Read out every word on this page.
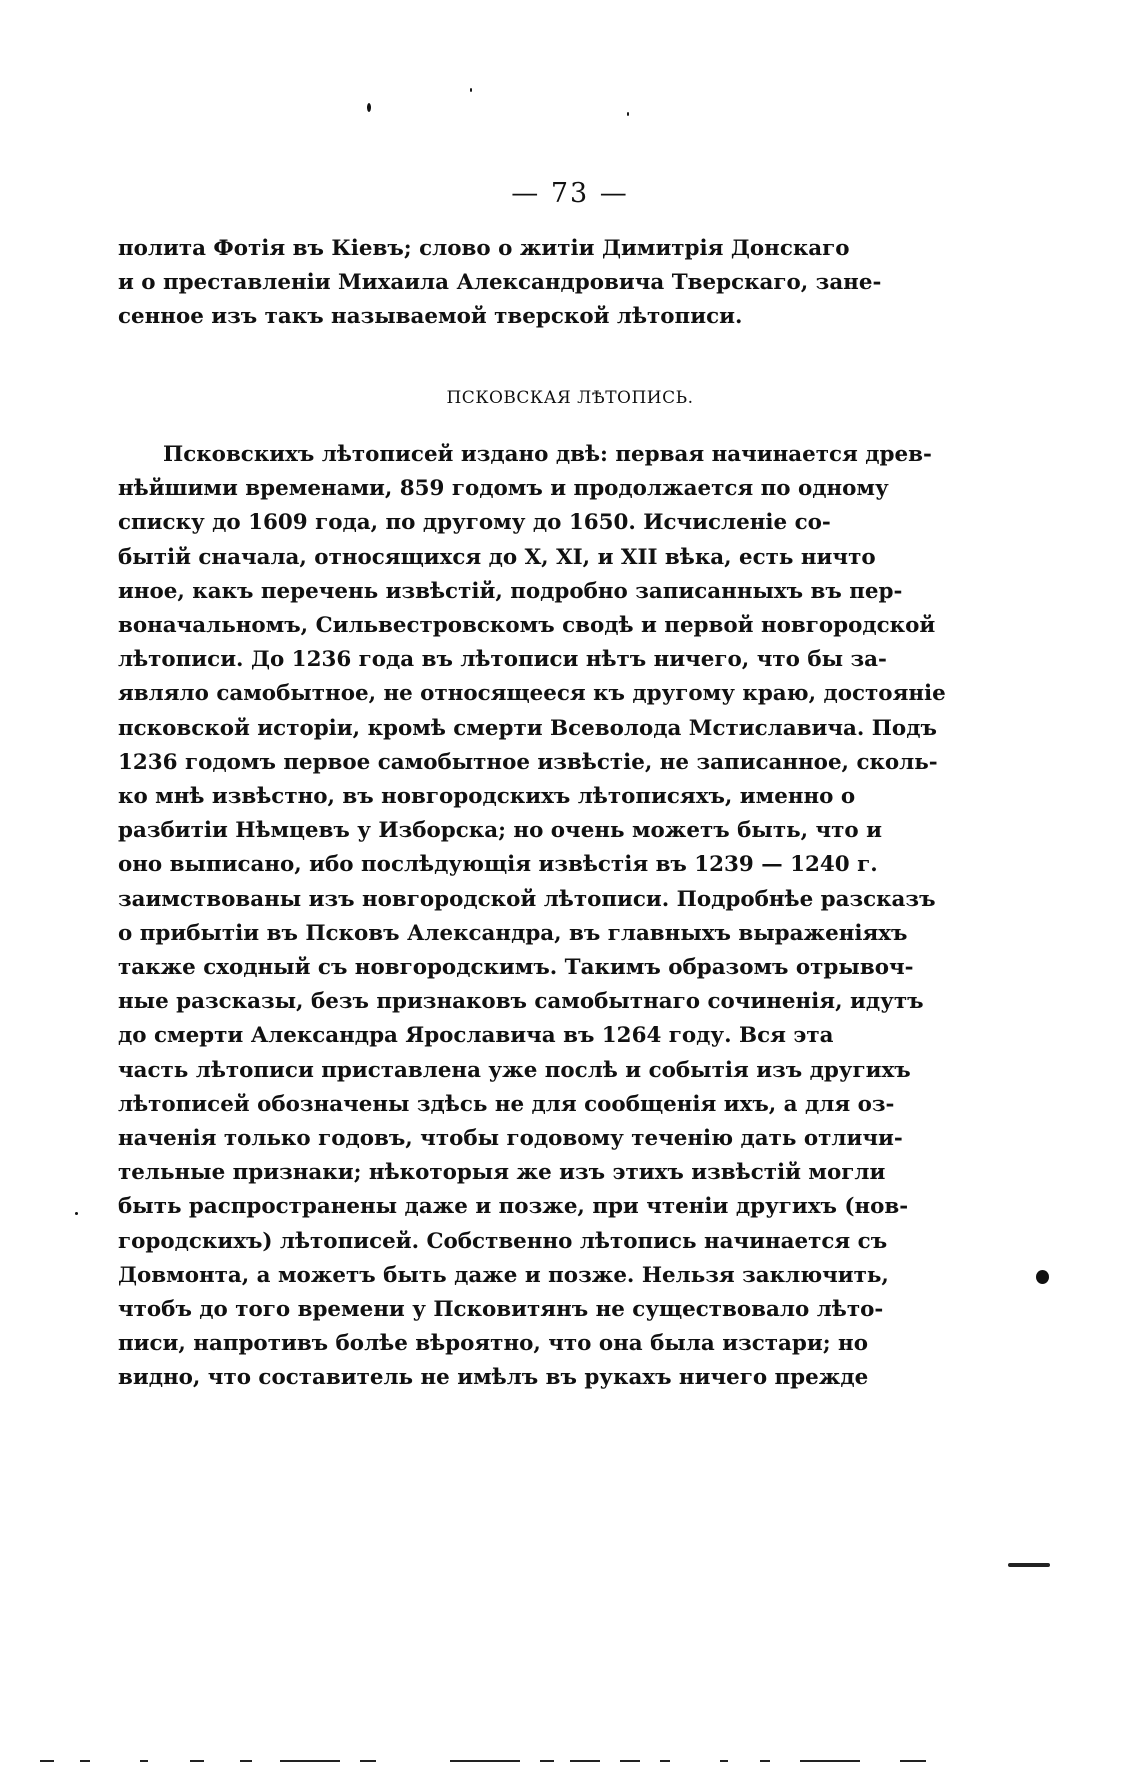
— 73 —
полита Фотія въ Кіевъ; слово о житіи Димитрія Донскаго
и о преставленіи Михаила Александровича Тверскаго, зане-
сенное изъ такъ называемой тверской лѣтописи.
ПСКОВСКАЯ ЛѢТОПИСЬ.
Псковскихъ лѣтописей издано двѣ: первая начинается древ-
нѣйшими временами, 859 годомъ и продолжается по одному
списку до 1609 года, по другому до 1650. Исчисленіе со-
бытій сначала, относящихся до X, XI, и XII вѣка, есть ничто
иное, какъ перечень извѣстій, подробно записанныхъ въ пер-
воначальномъ, Сильвестровскомъ сводѣ и первой новгородской
лѣтописи. До 1236 года въ лѣтописи нѣтъ ничего, что бы за-
являло самобытное, не относящееся къ другому краю, достояніе
псковской исторіи, кромѣ смерти Всеволода Мстиславича. Подъ
1236 годомъ первое самобытное извѣстіе, не записанное, сколь-
ко мнѣ извѣстно, въ новгородскихъ лѣтописяхъ, именно о
разбитіи Нѣмцевъ у Изборска; но очень можетъ быть, что и
оно выписано, ибо послѣдующія извѣстія въ 1239 — 1240 г.
заимствованы изъ новгородской лѣтописи. Подробнѣе разсказъ
о прибытіи въ Псковъ Александра, въ главныхъ выраженіяхъ
также сходный съ новгородскимъ. Такимъ образомъ отрывоч-
ные разсказы, безъ признаковъ самобытнаго сочиненія, идутъ
до смерти Александра Ярославича въ 1264 году. Вся эта
часть лѣтописи приставлена уже послѣ и событія изъ другихъ
лѣтописей обозначены здѣсь не для сообщенія ихъ, а для оз-
наченія только годовъ, чтобы годовому теченію дать отличи-
тельные признаки; нѣкоторыя же изъ этихъ извѣстій могли
быть распространены даже и позже, при чтеніи другихъ (нов-
городскихъ) лѣтописей. Собственно лѣтопись начинается съ
Довмонта, а можетъ быть даже и позже. Нельзя заключить,
чтобъ до того времени у Псковитянъ не существовало лѣто-
писи, напротивъ болѣе вѣроятно, что она была изстари; но
видно, что составитель не имѣлъ въ рукахъ ничего прежде
